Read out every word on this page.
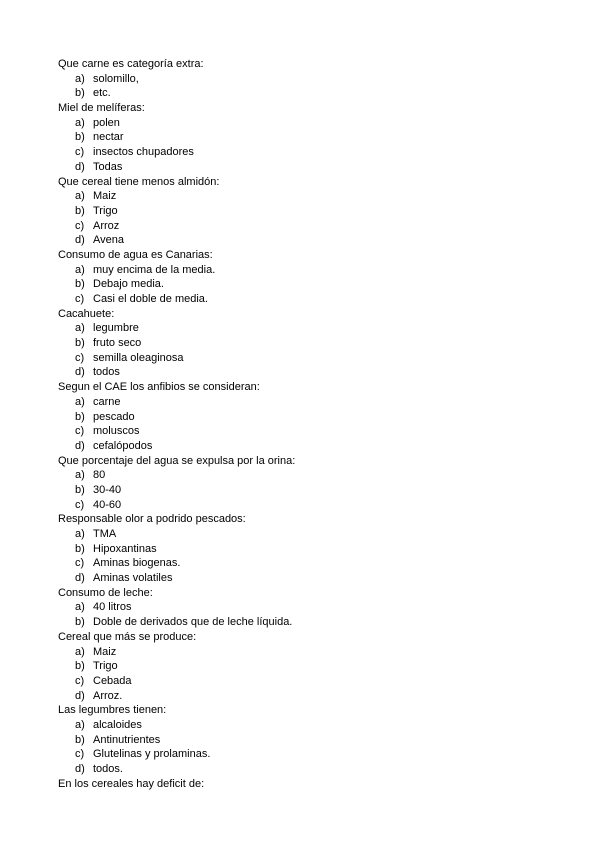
Que carne es categoría extra:
a) solomillo,
b) etc.
Miel de melíferas:
a) polen
b) nectar
c) insectos chupadores
d) Todas
Que cereal tiene menos almidón:
a) Maiz
b) Trigo
c) Arroz
d) Avena
Consumo de agua es Canarias:
a) muy encima de la media.
b) Debajo media.
c) Casi el doble de media.
Cacahuete:
a) legumbre
b) fruto seco
c) semilla oleaginosa
d) todos
Segun el CAE los anfibios se consideran:
a) carne
b) pescado
c) moluscos
d) cefalópodos
Que porcentaje del agua se expulsa por la orina:
a) 80
b) 30-40
c) 40-60
Responsable olor a podrido pescados:
a) TMA
b) Hipoxantinas
c) Aminas biogenas.
d) Aminas volatiles
Consumo de leche:
a) 40 litros
b) Doble de derivados que de leche líquida.
Cereal que más se produce:
a) Maiz
b) Trigo
c) Cebada
d) Arroz.
Las legumbres tienen:
a) alcaloides
b) Antinutrientes
c) Glutelinas y prolaminas.
d) todos.
En los cereales hay deficit de:
